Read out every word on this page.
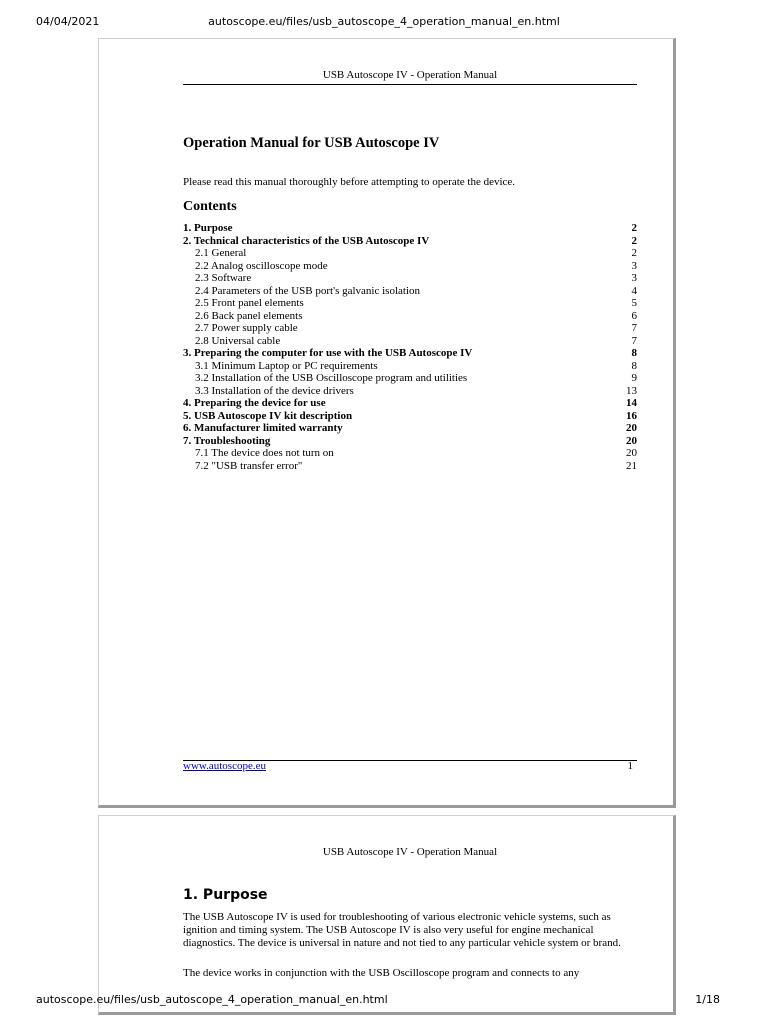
04/04/2021	autoscope.eu/files/usb_autoscope_4_operation_manual_en.html
USB Autoscope IV - Operation Manual
Operation Manual for USB Autoscope IV

Please read this manual thoroughly before attempting to operate the device.

Contents
1. Purpose	2
2. Technical characteristics of the USB Autoscope IV	2
2.1 General	2
2.2 Analog oscilloscope mode	3
2.3 Software	3
2.4 Parameters of the USB port's galvanic isolation	4
2.5 Front panel elements	5
2.6 Back panel elements	6
2.7 Power supply cable	7
2.8 Universal cable	7
3. Preparing the computer for use with the USB Autoscope IV	8
3.1 Minimum Laptop or PC requirements	8
3.2 Installation of the USB Oscilloscope program and utilities	9
3.3 Installation of the device drivers	13
4. Preparing the device for use	14
5. USB Autoscope IV kit description	16
6. Manufacturer limited warranty	20
7. Troubleshooting	20
7.1 The device does not turn on	20
7.2 "USB transfer error"	21
www.autoscope.eu	1
USB Autoscope IV - Operation Manual
1. Purpose

The USB Autoscope IV is used for troubleshooting of various electronic vehicle systems, such as ignition and timing system. The USB Autoscope IV is also very useful for engine mechanical diagnostics. The device is universal in nature and not tied to any particular vehicle system or brand.

The device works in conjunction with the USB Oscilloscope program and connects to any

autoscope.eu/files/usb_autoscope_4_operation_manual_en.html	1/18
